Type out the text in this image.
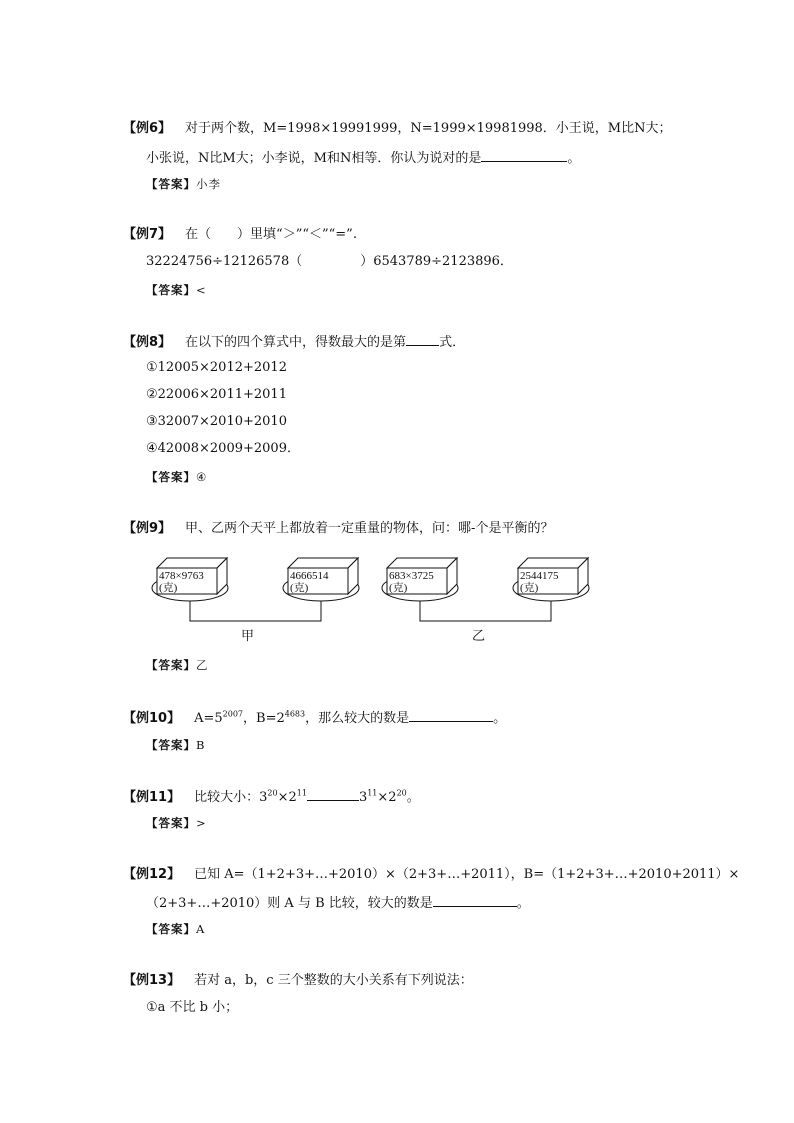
【例6】 对于两个数，M=1998×19991999，N=1999×19981998．小王说，M比N大；
小张说，N比M大；小李说，M和N相等．你认为说对的是	。
【答案】小李
【例7】 在（　　）里填“＞”“＜”“=”.
32224756÷12126578（	）6543789÷2123896．
【答案】<
【例8】 在以下的四个算式中，得数最大的是第	式．
①12005×2012+2012
②22006×2011+2011
③32007×2010+2010
④42008×2009+2009．
【答案】④
【例9】 甲、乙两个天平上都放着一定重量的物体，问：哪-个是平衡的？
478×9763
(克)
4666514
(克)
683×3725
(克)
2544175
(克)
甲	乙
【答案】乙
【例10】 $A=5^{2007}$，$B=2^{4683}$，那么较大的数是	。
【答案】B
【例11】 比较大小：$3^{20}\times 2^{11}$	$3^{11}\times 2^{20}$。
【答案】>
【例12】 已知 A=（1+2+3+…+2010）×（2+3+…+2011），B=（1+2+3+…+2010+2011）×
（2+3+…+2010）则 A 与 B 比较，较大的数是	。
【答案】A
【例13】 若对 a，b，c 三个整数的大小关系有下列说法：
①a 不比 b 小；
